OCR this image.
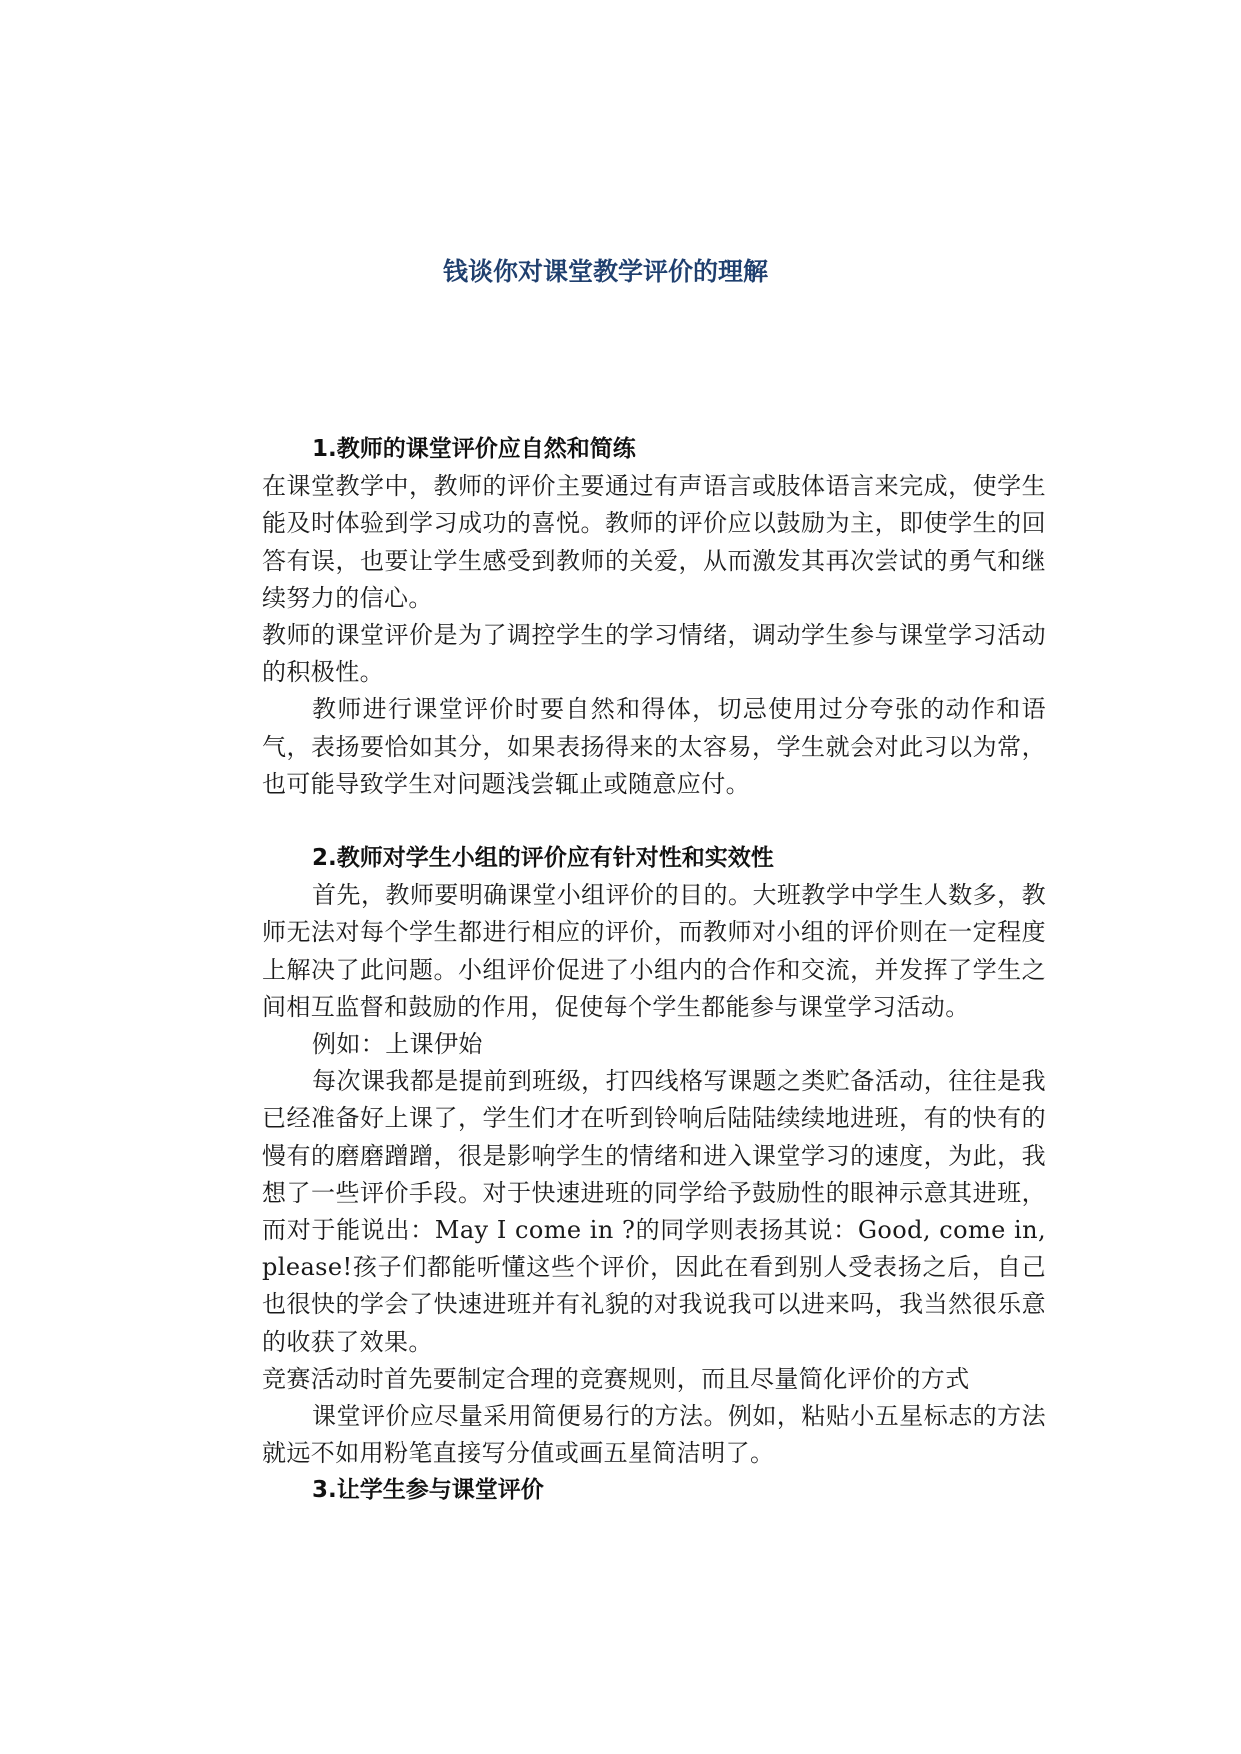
钱谈你对课堂教学评价的理解
1.教师的课堂评价应自然和简练

在课堂教学中，教师的评价主要通过有声语言或肢体语言来完成，使学生能及时体验到学习成功的喜悦。教师的评价应以鼓励为主，即使学生的回答有误，也要让学生感受到教师的关爱，从而激发其再次尝试的勇气和继续努力的信心。

教师的课堂评价是为了调控学生的学习情绪，调动学生参与课堂学习活动的积极性。

教师进行课堂评价时要自然和得体，切忌使用过分夸张的动作和语气，表扬要恰如其分，如果表扬得来的太容易，学生就会对此习以为常，也可能导致学生对问题浅尝辄止或随意应付。

2.教师对学生小组的评价应有针对性和实效性

首先，教师要明确课堂小组评价的目的。大班教学中学生人数多，教师无法对每个学生都进行相应的评价，而教师对小组的评价则在一定程度上解决了此问题。小组评价促进了小组内的合作和交流，并发挥了学生之间相互监督和鼓励的作用，促使每个学生都能参与课堂学习活动。

例如：上课伊始

每次课我都是提前到班级，打四线格写课题之类贮备活动，往往是我已经准备好上课了，学生们才在听到铃响后陆陆续续地进班，有的快有的慢有的磨磨蹭蹭，很是影响学生的情绪和进入课堂学习的速度，为此，我想了一些评价手段。对于快速进班的同学给予鼓励性的眼神示意其进班，而对于能说出：May I come in ?的同学则表扬其说：Good, come in, please!孩子们都能听懂这些个评价，因此在看到别人受表扬之后，自己也很快的学会了快速进班并有礼貌的对我说我可以进来吗，我当然很乐意的收获了效果。

竞赛活动时首先要制定合理的竞赛规则，而且尽量简化评价的方式

课堂评价应尽量采用简便易行的方法。例如，粘贴小五星标志的方法就远不如用粉笔直接写分值或画五星简洁明了。

3.让学生参与课堂评价
